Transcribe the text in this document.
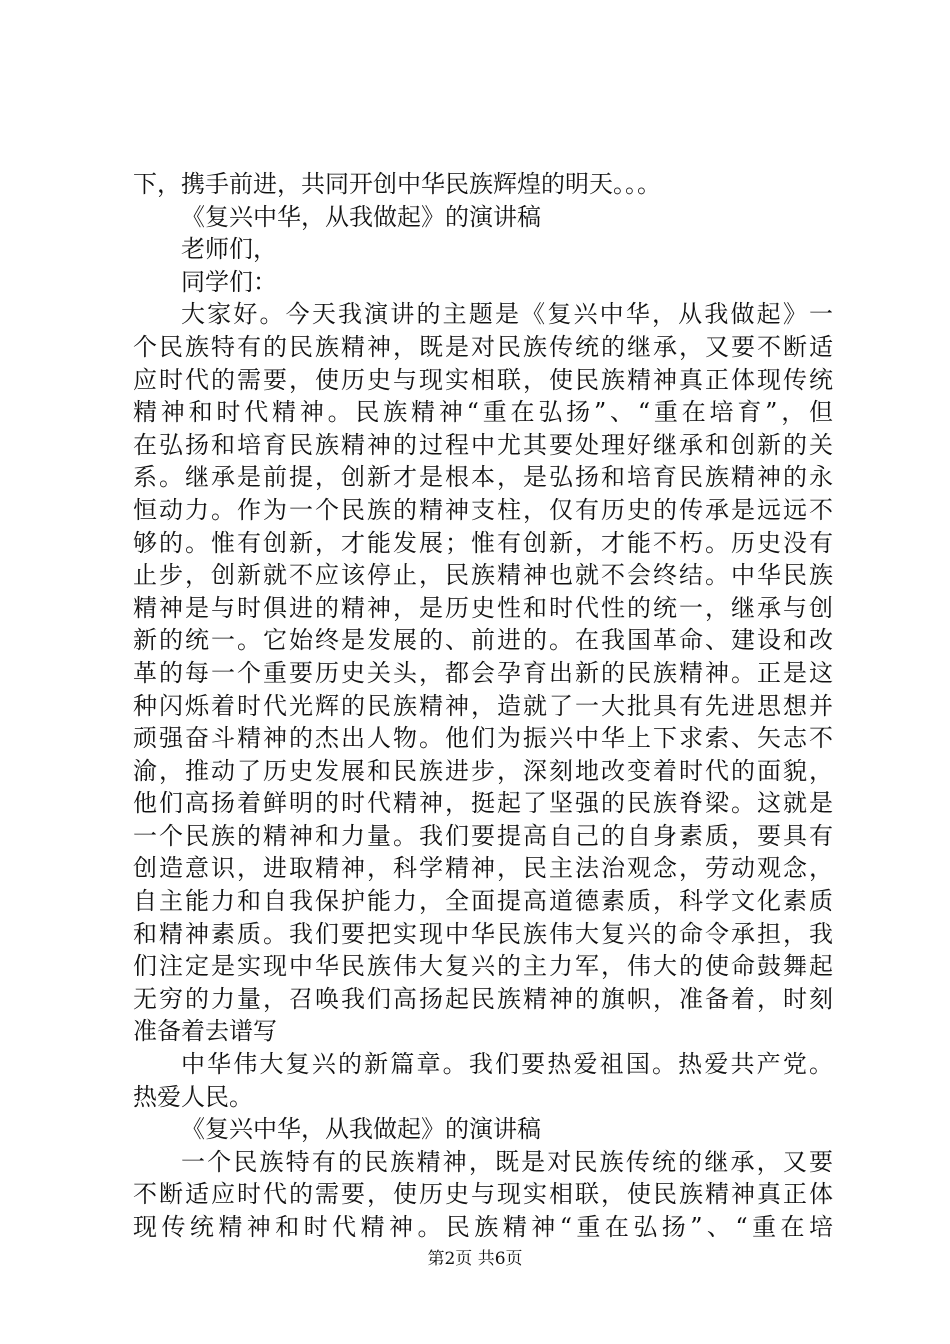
下，携手前进，共同开创中华民族辉煌的明天。。。
《复兴中华，从我做起》的演讲稿
老师们，
同学们：
大家好。今天我演讲的主题是《复兴中华，从我做起》一
个民族特有的民族精神，既是对民族传统的继承，又要不断适
应时代的需要，使历史与现实相联，使民族精神真正体现传统
精神和时代精神。民族精神“重在弘扬”、“重在培育”，但
在弘扬和培育民族精神的过程中尤其要处理好继承和创新的关
系。继承是前提，创新才是根本，是弘扬和培育民族精神的永
恒动力。作为一个民族的精神支柱，仅有历史的传承是远远不
够的。惟有创新，才能发展；惟有创新，才能不朽。历史没有
止步，创新就不应该停止，民族精神也就不会终结。中华民族
精神是与时俱进的精神，是历史性和时代性的统一，继承与创
新的统一。它始终是发展的、前进的。在我国革命、建设和改
革的每一个重要历史关头，都会孕育出新的民族精神。正是这
种闪烁着时代光辉的民族精神，造就了一大批具有先进思想并
顽强奋斗精神的杰出人物。他们为振兴中华上下求索、矢志不
渝，推动了历史发展和民族进步，深刻地改变着时代的面貌，
他们高扬着鲜明的时代精神，挺起了坚强的民族脊梁。这就是
一个民族的精神和力量。我们要提高自己的自身素质，要具有
创造意识，进取精神，科学精神，民主法治观念，劳动观念，
自主能力和自我保护能力，全面提高道德素质，科学文化素质
和精神素质。我们要把实现中华民族伟大复兴的命令承担，我
们注定是实现中华民族伟大复兴的主力军，伟大的使命鼓舞起
无穷的力量，召唤我们高扬起民族精神的旗帜，准备着，时刻
准备着去谱写
中华伟大复兴的新篇章。我们要热爱祖国。热爱共产党。
热爱人民。
《复兴中华，从我做起》的演讲稿
一个民族特有的民族精神，既是对民族传统的继承，又要
不断适应时代的需要，使历史与现实相联，使民族精神真正体
现传统精神和时代精神。民族精神“重在弘扬”、“重在培
第2页 共6页
